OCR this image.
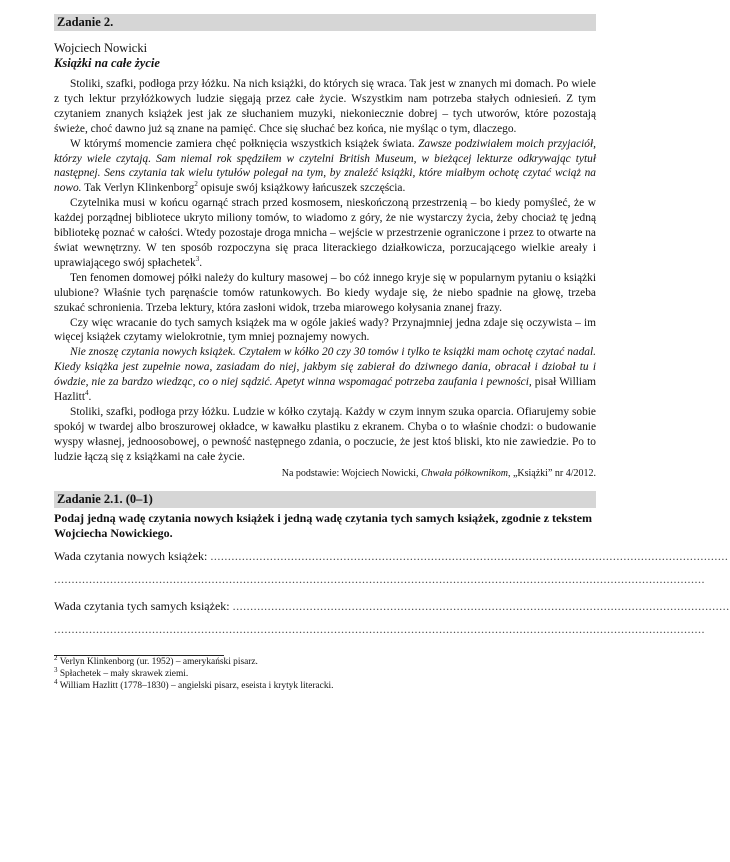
Zadanie 2.
Wojciech Nowicki
Książki na całe życie

Stoliki, szafki, podłoga przy łóżku. Na nich książki, do których się wraca. Tak jest w znanych mi domach. Po wiele z tych lektur przyłóżkowych ludzie sięgają przez całe życie. Wszystkim nam potrzeba stałych odniesień. Z tym czytaniem znanych książek jest jak ze słuchaniem muzyki, niekoniecznie dobrej – tych utworów, które pozostają świeże, choć dawno już są znane na pamięć. Chce się słuchać bez końca, nie myśląc o tym, dlaczego.

W którymś momencie zamiera chęć połknięcia wszystkich książek świata. Zawsze podziwiałem moich przyjaciół, którzy wiele czytają. Sam niemal rok spędziłem w czytelni British Museum, w bieżącej lekturze odkrywając tytuł następnej. Sens czytania tak wielu tytułów polegał na tym, by znaleźć książki, które miałbym ochotę czytać wciąż na nowo. Tak Verlyn Klinkenborg$^2$ opisuje swój książkowy łańcuszek szczęścia.

Czytelnika musi w końcu ogarnąć strach przed kosmosem, nieskończoną przestrzenią – bo kiedy pomyśleć, że w każdej porządnej bibliotece ukryto miliony tomów, to wiadomo z góry, że nie wystarczy życia, żeby chociaż tę jedną bibliotekę poznać w całości. Wtedy pozostaje droga mnicha – wejście w przestrzenie ograniczone i przez to otwarte na świat wewnętrzny. W ten sposób rozpoczyna się praca literackiego działkowicza, porzucającego wielkie areały i uprawiającego swój spłachetek$^3$.

Ten fenomen domowej półki należy do kultury masowej – bo cóż innego kryje się w popularnym pytaniu o książki ulubione? Właśnie tych paręnaście tomów ratunkowych. Bo kiedy wydaje się, że niebo spadnie na głowę, trzeba szukać schronienia. Trzeba lektury, która zasłoni widok, trzeba miarowego kołysania znanej frazy.

Czy więc wracanie do tych samych książek ma w ogóle jakieś wady? Przynajmniej jedna zdaje się oczywista – im więcej książek czytamy wielokrotnie, tym mniej poznajemy nowych.

Nie znoszę czytania nowych książek. Czytałem w kółko 20 czy 30 tomów i tylko te książki mam ochotę czytać nadal. Kiedy książka jest zupełnie nowa, zasiadam do niej, jakbym się zabierał do dziwnego dania, obracał i dziobał tu i ówdzie, nie za bardzo wiedząc, co o niej sądzić. Apetyt winna wspomagać potrzeba zaufania i pewności, pisał William Hazlitt$^4$.

Stoliki, szafki, podłoga przy łóżku. Ludzie w kółko czytają. Każdy w czym innym szuka oparcia. Ofiarujemy sobie spokój w twardej albo broszurowej okładce, w kawałku plastiku z ekranem. Chyba o to właśnie chodzi: o budowanie wyspy własnej, jednoosobowej, o pewność następnego zdania, o poczucie, że jest ktoś bliski, kto nie zawiedzie. Po to ludzie łączą się z książkami na całe życie.

Na podstawie: Wojciech Nowicki, Chwała półkownikom, „Książki” nr 4/2012.
Zadanie 2.1. (0–1)
Podaj jedną wadę czytania nowych książek i jedną wadę czytania tych samych książek, zgodnie z tekstem Wojciecha Nowickiego.
Wada czytania nowych książek: ....................................................................................................................................................
..........................................................................................................................................................................................
Wada czytania tych samych książek: ..............................................................................................................................................
..........................................................................................................................................................................................
$^2$ Verlyn Klinkenborg (ur. 1952) – amerykański pisarz.
$^3$ Spłachetek – mały skrawek ziemi.
$^4$ William Hazlitt (1778–1830) – angielski pisarz, eseista i krytyk literacki.
